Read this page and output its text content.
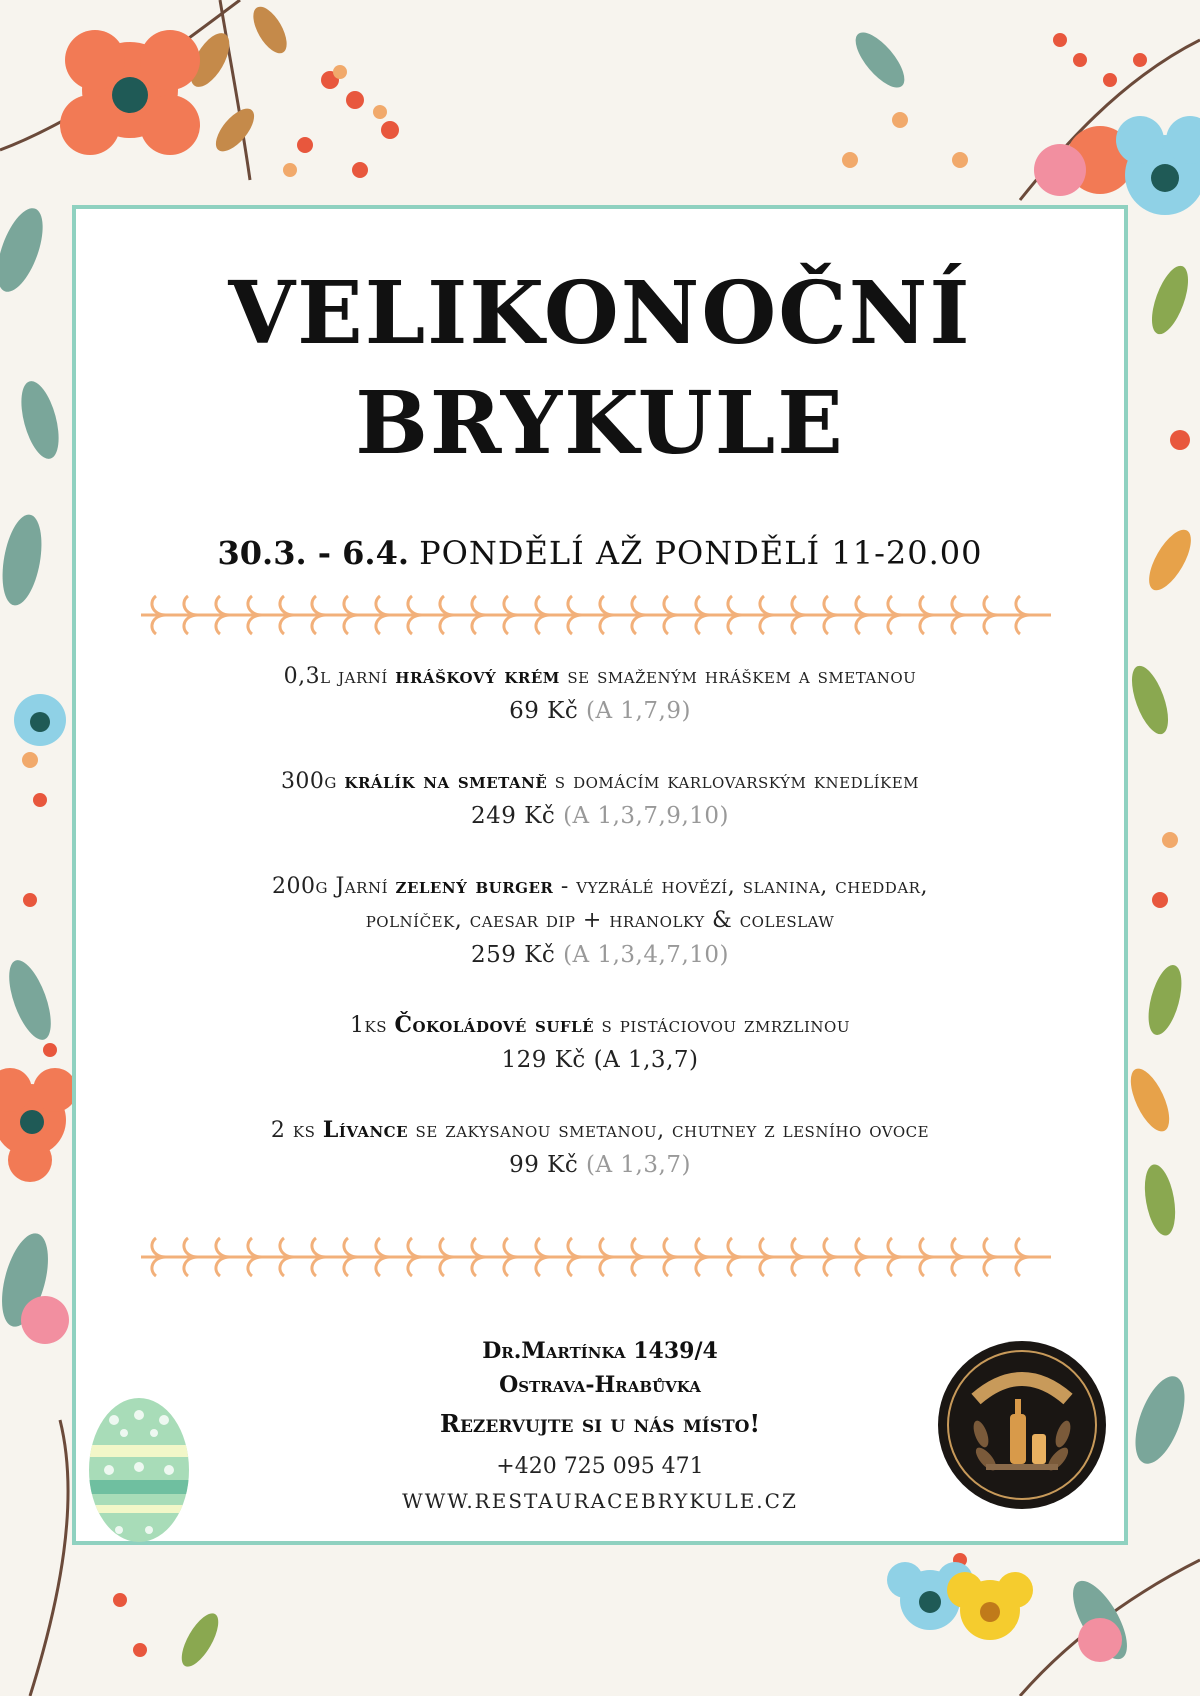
VELIKONOČNÍ
BRYKULE
30.3. - 6.4. PONDĚLÍ AŽ PONDĚLÍ 11-20.00
0,3l jarní hráškový krém se smaženým hráškem a smetanou
69 Kč (A 1,7,9)
300g králík na smetaně s domácím karlovarským knedlíkem
249 Kč (A 1,3,7,9,10)
200g Jarní zelený burger - vyzrálé hovězí, slanina, cheddar,
polníček, caesar dip + hranolky & coleslaw
259 Kč (A 1,3,4,7,10)
1ks Čokoládové suflé s pistáciovou zmrzlinou
129 Kč (A 1,3,7)
2 ks Lívance se zakysanou smetanou, chutney z lesního ovoce
99 Kč (A 1,3,7)
Dr.Martínka 1439/4
Ostrava-Hrabůvka
Rezervujte si u nás místo!
+420 725 095 471
WWW.RESTAURACEBRYKULE.CZ
